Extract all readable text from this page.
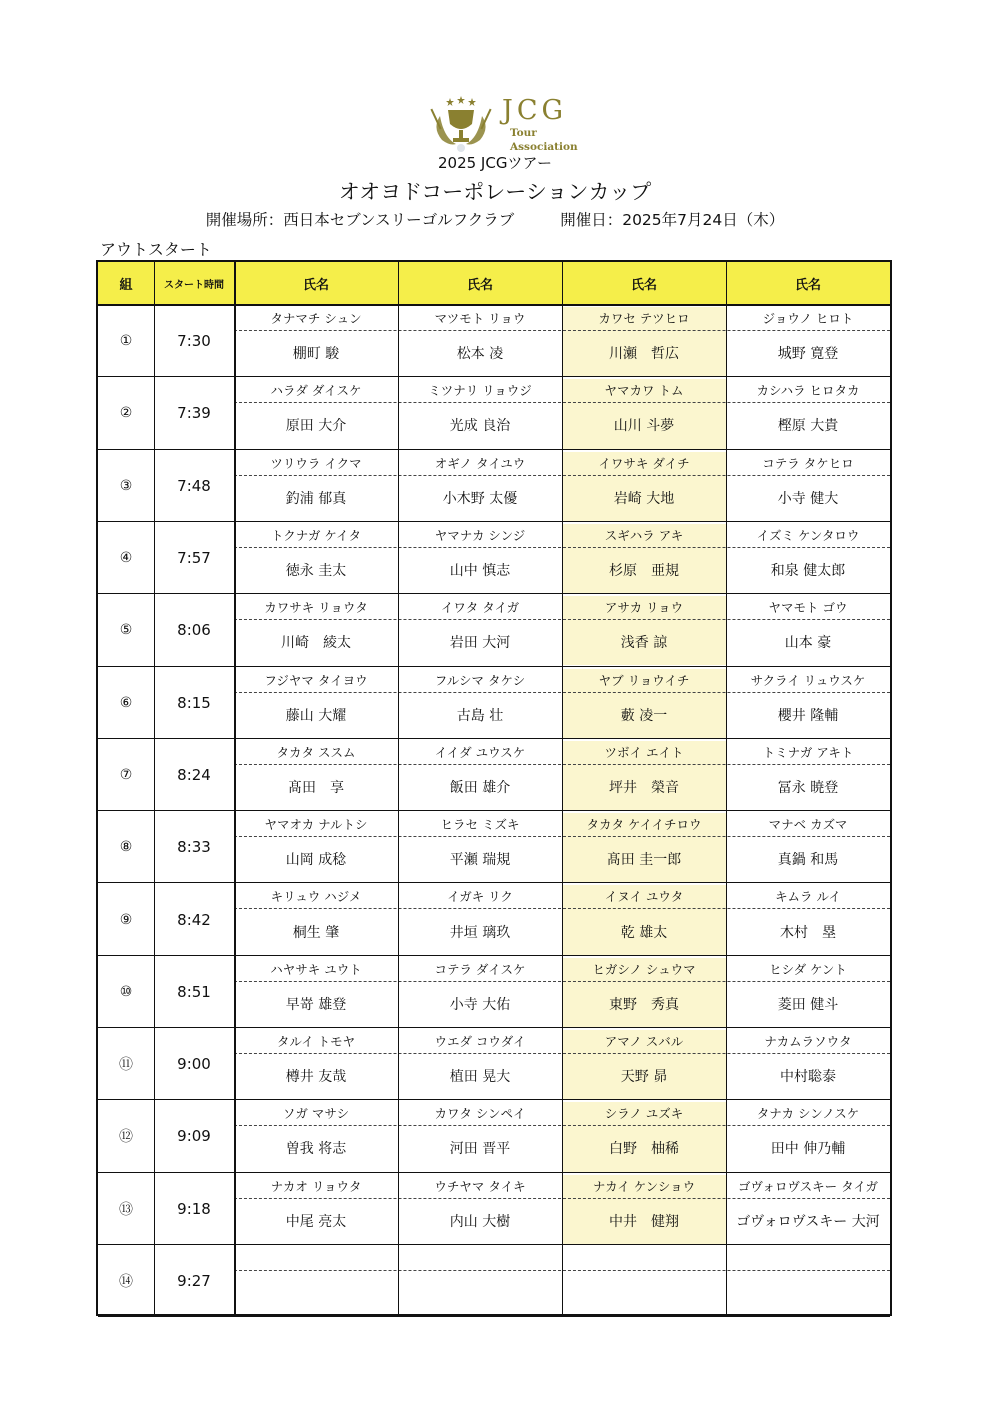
JCG
Tour Association
2025 JCGツアー
オオヨドコーポレーションカップ
開催場所：西日本セブンスリーゴルフクラブ	開催日：2025年7月24日（木）
アウトスタート
組	スタート時間	氏名	氏名	氏名	氏名
①	7:30
タナマチ シュン
棚町 駿
マツモト リョウ
松本 凌
カワセ テツヒロ
川瀬　哲広
ジョウノ ヒロト
城野 寛登
②	7:39
ハラダ ダイスケ
原田 大介
ミツナリ リョウジ
光成 良治
ヤマカワ トム
山川 斗夢
カシハラ ヒロタカ
樫原 大貴
③	7:48
ツリウラ イクマ
釣浦 郁真
オギノ タイユウ
小木野 太優
イワサキ ダイチ
岩崎 大地
コテラ タケヒロ
小寺 健大
④	7:57
トクナガ ケイタ
徳永 圭太
ヤマナカ シンジ
山中 慎志
スギハラ アキ
杉原　亜規
イズミ ケンタロウ
和泉 健太郎
⑤	8:06
カワサキ リョウタ
川崎　綾太
イワタ タイガ
岩田 大河
アサカ リョウ
浅香 諒
ヤマモト ゴウ
山本 豪
⑥	8:15
フジヤマ タイヨウ
藤山 大耀
フルシマ タケシ
古島 壮
ヤブ リョウイチ
藪 凌一
サクライ リュウスケ
櫻井 隆輔
⑦	8:24
タカタ ススム
髙田　享
イイダ ユウスケ
飯田 雄介
ツボイ エイト
坪井　榮音
トミナガ アキト
冨永 暁登
⑧	8:33
ヤマオカ ナルトシ
山岡 成稔
ヒラセ ミズキ
平瀬 瑞規
タカタ ケイイチロウ
髙田 圭一郎
マナベ カズマ
真鍋 和馬
⑨	8:42
キリュウ ハジメ
桐生 肇
イガキ リク
井垣 璃玖
イヌイ ユウタ
乾 雄太
キムラ ルイ
木村　塁
⑩	8:51
ハヤサキ ユウト
早嵜 雄登
コテラ ダイスケ
小寺 大佑
ヒガシノ シュウマ
東野　秀真
ヒシダ ケント
菱田 健斗
⑪	9:00
タルイ トモヤ
樽井 友哉
ウエダ コウダイ
植田 晃大
アマノ スバル
天野 昴
ナカムラソウタ
中村聡泰
⑫	9:09
ソガ マサシ
曽我 将志
カワタ シンペイ
河田 晋平
シラノ ユズキ
白野　柚稀
タナカ シンノスケ
田中 伸乃輔
⑬	9:18
ナカオ リョウタ
中尾 亮太
ウチヤマ タイキ
内山 大樹
ナカイ ケンショウ
中井　健翔
ゴヴォロヴスキー タイガ
ゴヴォロヴスキー 大河
⑭	9:27
